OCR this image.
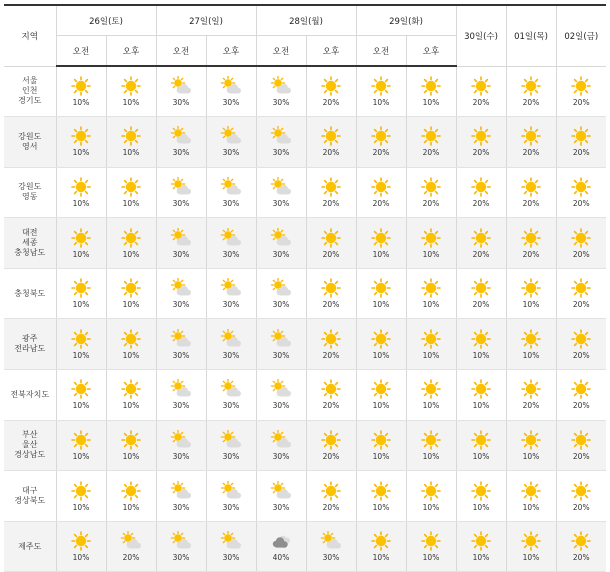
지역	26일(토)		27일(일)		28일(월)		29일(화)		30일(수)	01일(목)	02일(금)
	오전	오후	오전	오후	오전	오후	오전	오후			

서울
인천
경기도	10%	10%	30%	30%	30%	20%	10%	10%	20%	20%	20%

강원도
영서	10%	10%	30%	30%	30%	20%	20%	20%	20%	20%	20%

강원도
영동	10%	10%	30%	30%	30%	20%	20%	20%	20%	20%	20%

대전
세종
충청남도	10%	10%	30%	30%	30%	20%	10%	10%	20%	20%	20%

충청북도	10%	10%	30%	30%	30%	20%	10%	10%	20%	10%	20%

광주
전라남도	10%	10%	30%	30%	30%	20%	10%	10%	10%	10%	20%

전북자치도	10%	10%	30%	30%	30%	20%	10%	10%	10%	20%	20%

부산
울산
경상남도	10%	10%	30%	30%	30%	20%	10%	10%	10%	10%	20%

대구
경상북도	10%	10%	30%	30%	30%	20%	10%	10%	10%	10%	20%

제주도	10%	20%	30%	30%	40%	30%	10%	10%	10%	10%	20%
